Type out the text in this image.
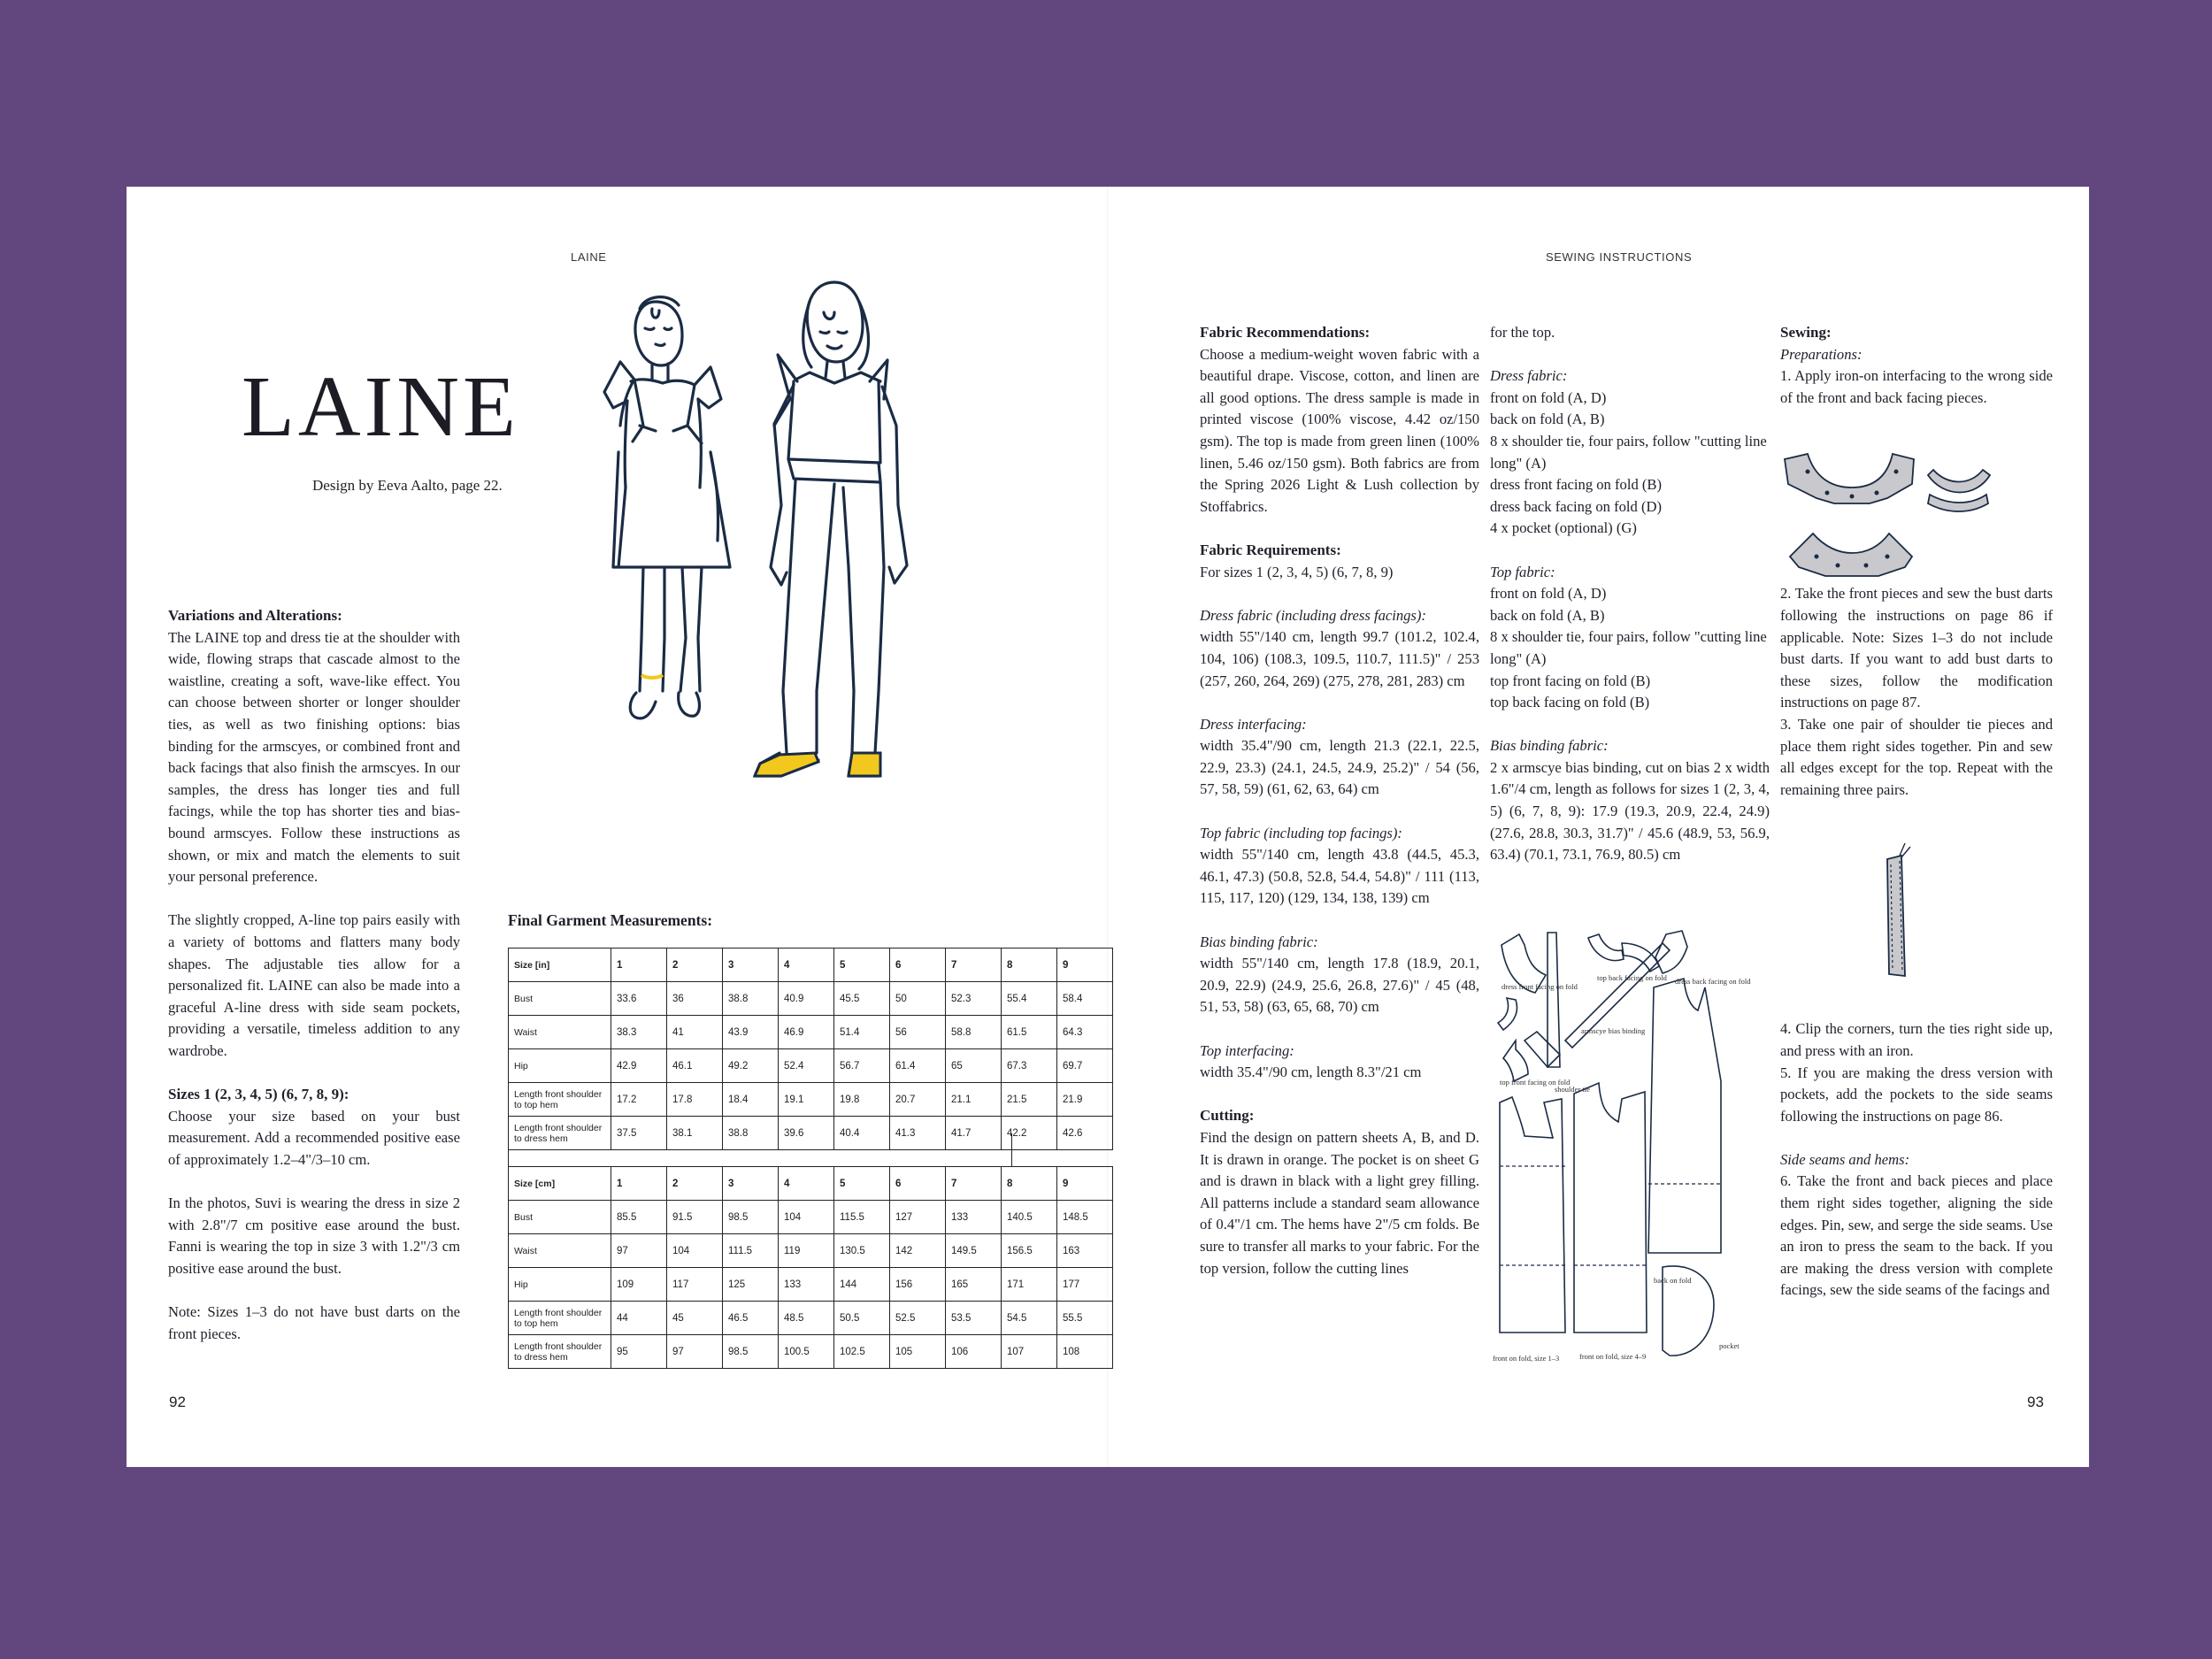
LAINE	SEWING INSTRUCTIONS
LAINE
Design by Eeva Aalto, page 22.
Variations and Alterations:

The LAINE top and dress tie at the shoulder with wide, flowing straps that cascade almost to the waistline, creating a soft, wave-like effect. You can choose between shorter or longer shoulder ties, as well as two finishing options: bias binding for the armscyes, or combined front and back facings that also finish the armscyes. In our samples, the dress has longer ties and full facings, while the top has shorter ties and bias-bound armscyes. Follow these instructions as shown, or mix and match the elements to suit your personal preference.

The slightly cropped, A-line top pairs easily with a variety of bottoms and flatters many body shapes. The adjustable ties allow for a personalized fit. LAINE can also be made into a graceful A-line dress with side seam pockets, providing a versatile, timeless addition to any wardrobe.

Sizes 1 (2, 3, 4, 5) (6, 7, 8, 9):

Choose your size based on your bust measurement. Add a recommended positive ease of approximately 1.2–4"/3–10 cm.

In the photos, Suvi is wearing the dress in size 2 with 2.8"/7 cm positive ease around the bust. Fanni is wearing the top in size 3 with 1.2"/3 cm positive ease around the bust.

Note: Sizes 1–3 do not have bust darts on the front pieces.

Final Garment Measurements:
Size [in]	1	2	3	4	5	6	7	8	9
Bust	33.6	36	38.8	40.9	45.5	50	52.3	55.4	58.4
Waist	38.3	41	43.9	46.9	51.4	56	58.8	61.5	64.3
Hip	42.9	46.1	49.2	52.4	56.7	61.4	65	67.3	69.7
Length front shoulder to top hem	17.2	17.8	18.4	19.1	19.8	20.7	21.1	21.5	21.9
Length front shoulder to dress hem	37.5	38.1	38.8	39.6	40.4	41.3	41.7	42.2	42.6
Size [cm]	1	2	3	4	5	6	7	8	9
Bust	85.5	91.5	98.5	104	115.5	127	133	140.5	148.5
Waist	97	104	111.5	119	130.5	142	149.5	156.5	163
Hip	109	117	125	133	144	156	165	171	177
Length front shoulder to top hem	44	45	46.5	48.5	50.5	52.5	53.5	54.5	55.5
Length front shoulder to dress hem	95	97	98.5	100.5	102.5	105	106	107	108
92	93
Fabric Recommendations:

Choose a medium-weight woven fabric with a beautiful drape. Viscose, cotton, and linen are all good options. The dress sample is made in printed viscose (100% viscose, 4.42 oz/150 gsm). The top is made from green linen (100% linen, 5.46 oz/150 gsm). Both fabrics are from the Spring 2026 Light & Lush collection by Stoffabrics.

Fabric Requirements:

For sizes 1 (2, 3, 4, 5) (6, 7, 8, 9)

Dress fabric (including dress facings):

width 55"/140 cm, length 99.7 (101.2, 102.4, 104, 106) (108.3, 109.5, 110.7, 111.5)" / 253 (257, 260, 264, 269) (275, 278, 281, 283) cm

Dress interfacing:

width 35.4"/90 cm, length 21.3 (22.1, 22.5, 22.9, 23.3) (24.1, 24.5, 24.9, 25.2)" / 54 (56, 57, 58, 59) (61, 62, 63, 64) cm

Top fabric (including top facings):

width 55"/140 cm, length 43.8 (44.5, 45.3, 46.1, 47.3) (50.8, 52.8, 54.4, 54.8)" / 111 (113, 115, 117, 120) (129, 134, 138, 139) cm

Bias binding fabric:

width 55"/140 cm, length 17.8 (18.9, 20.1, 20.9, 22.9) (24.9, 25.6, 26.8, 27.6)" / 45 (48, 51, 53, 58) (63, 65, 68, 70) cm

Top interfacing:

width 35.4"/90 cm, length 8.3"/21 cm

Cutting:

Find the design on pattern sheets A, B, and D. It is drawn in orange. The pocket is on sheet G and is drawn in black with a light grey filling. All patterns include a standard seam allowance of 0.4"/1 cm. The hems have 2"/5 cm folds. Be sure to transfer all marks to your fabric. For the top version, follow the cutting lines

for the top.

Dress fabric:

front on fold (A, D)

back on fold (A, B)

8 x shoulder tie, four pairs, follow "cutting line long" (A)

dress front facing on fold (B)

dress back facing on fold (D)

4 x pocket (optional) (G)

Top fabric:

front on fold (A, D)

back on fold (A, B)

8 x shoulder tie, four pairs, follow "cutting line long" (A)

top front facing on fold (B)

top back facing on fold (B)

Bias binding fabric:

2 x armscye bias binding, cut on bias 2 x width 1.6"/4 cm, length as follows for sizes 1 (2, 3, 4, 5) (6, 7, 8, 9): 17.9 (19.3, 20.9, 22.4, 24.9) (27.6, 28.8, 30.3, 31.7)" / 45.6 (48.9, 53, 56.9, 63.4) (70.1, 73.1, 76.9, 80.5) cm

top back facing on fold dress back facing on fold
dress front facing on fold
armscye bias binding
top front facing on fold
shoulder tie
back on fold
pocket
front on fold, size 1–3	front on fold, size 4–9
Sewing:

Preparations:

1. Apply iron-on interfacing to the wrong side of the front and back facing pieces.

2. Take the front pieces and sew the bust darts following the instructions on page 86 if applicable. Note: Sizes 1–3 do not include bust darts. If you want to add bust darts to these sizes, follow the modification instructions on page 87.

3. Take one pair of shoulder tie pieces and place them right sides together. Pin and sew all edges except for the top. Repeat with the remaining three pairs.

4. Clip the corners, turn the ties right side up, and press with an iron.

5. If you are making the dress version with pockets, add the pockets to the side seams following the instructions on page 86.

Side seams and hems:

6. Take the front and back pieces and place them right sides together, aligning the side edges. Pin, sew, and serge the side seams. Use an iron to press the seam to the back. If you are making the dress version with complete facings, sew the side seams of the facings and
